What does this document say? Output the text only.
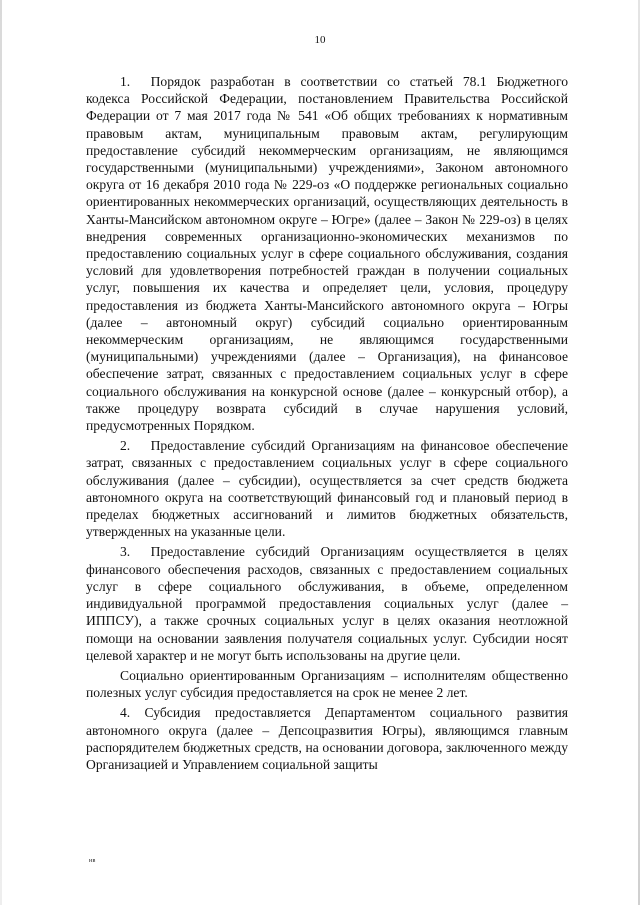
10

1.   Порядок разработан в соответствии со статьей 78.1 Бюджетного кодекса Российской Федерации, постановлением Правительства Российской Федерации от 7 мая 2017 года № 541 «Об общих требованиях к нормативным правовым актам, муниципальным правовым актам, регулирующим предоставление субсидий некоммерческим организациям, не являющимся государственными (муниципальными) учреждениями», Законом автономного округа от 16 декабря 2010 года № 229-оз «О поддержке региональных социально ориентированных некоммерческих организаций, осуществляющих деятельность в Ханты-Мансийском автономном округе – Югре» (далее – Закон № 229-оз) в целях внедрения современных организационно-экономических механизмов по предоставлению социальных услуг в сфере социального обслуживания, создания условий для удовлетворения потребностей граждан в получении социальных услуг, повышения их качества и определяет цели, условия, процедуру предоставления из бюджета Ханты-Мансийского автономного округа – Югры (далее – автономный округ) субсидий социально ориентированным некоммерческим организациям, не являющимся государственными (муниципальными) учреждениями (далее – Организация), на финансовое обеспечение затрат, связанных с предоставлением социальных услуг в сфере социального обслуживания на конкурсной основе (далее – конкурсный отбор), а также процедуру возврата субсидий в случае нарушения условий, предусмотренных Порядком.

2.   Предоставление субсидий Организациям на финансовое обеспечение затрат, связанных с предоставлением социальных услуг в сфере социального обслуживания (далее – субсидии), осуществляется за счет средств бюджета автономного округа на соответствующий финансовый год и плановый период в пределах бюджетных ассигнований и лимитов бюджетных обязательств, утвержденных на указанные цели.

3.   Предоставление субсидий Организациям осуществляется в целях финансового обеспечения расходов, связанных с предоставлением социальных услуг в сфере социального обслуживания, в объеме, определенном индивидуальной программой предоставления социальных услуг (далее – ИППСУ), а также срочных социальных услуг в целях оказания неотложной помощи на основании заявления получателя социальных услуг. Субсидии носят целевой характер и не могут быть использованы на другие цели.

Социально ориентированным Организациям – исполнителям общественно полезных услуг субсидия предоставляется на срок не менее 2 лет.

4. Субсидия предоставляется Департаментом социального развития автономного округа (далее – Депсоцразвития Югры), являющимся главным распорядителем бюджетных средств, на основании договора, заключенного между Организацией и Управлением социальной защиты

нв
